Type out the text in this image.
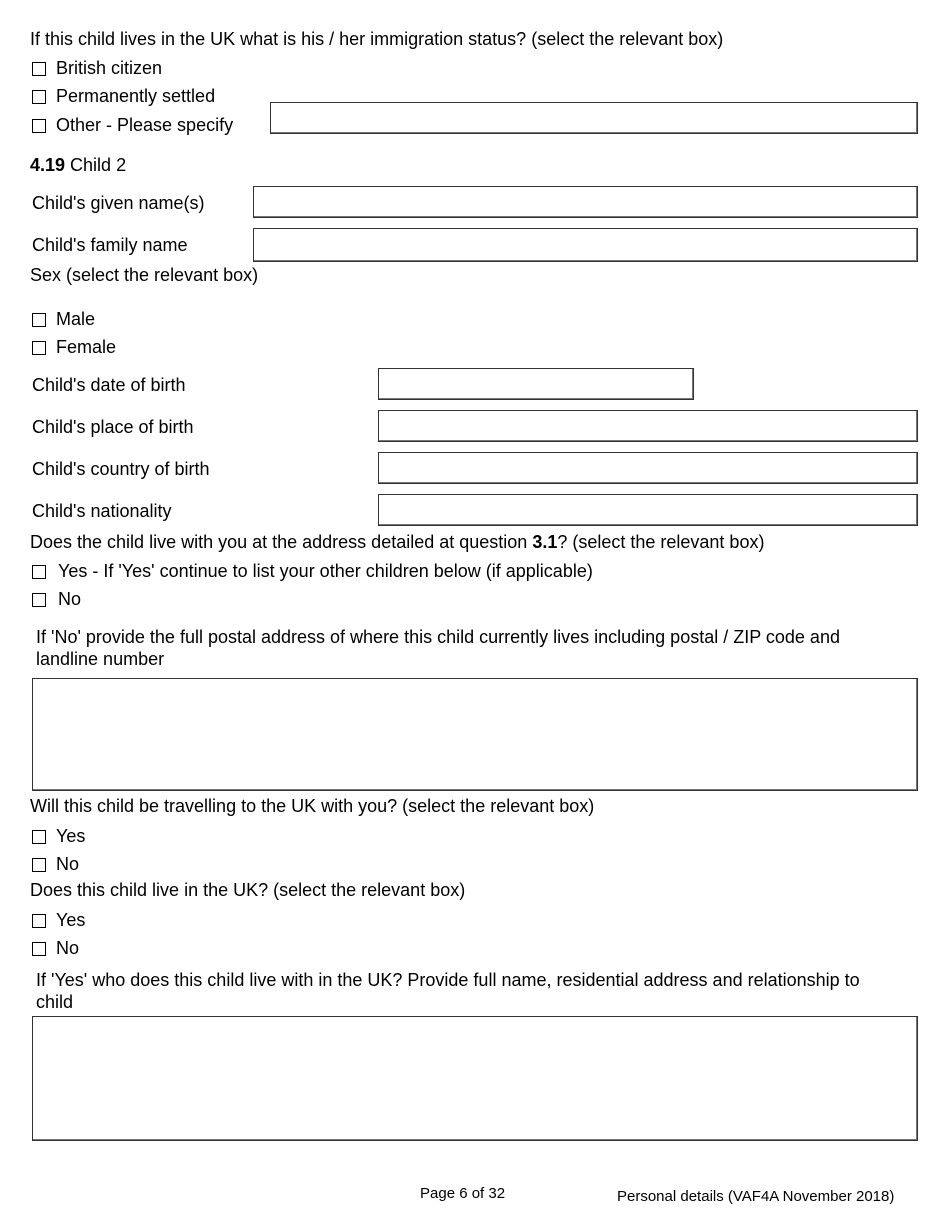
If this child lives in the UK what is his / her immigration status? (select the relevant box)
British citizen
Permanently settled
Other - Please specify
4.19 Child 2
Child's given name(s)
Child's family name
Sex (select the relevant box)
Male
Female
Child's date of birth
Child's place of birth
Child's country of birth
Child's nationality
Does the child live with you at the address detailed at question 3.1? (select the relevant box)
Yes - If 'Yes' continue to list your other children below (if applicable)
No
If 'No' provide the full postal address of where this child currently lives including postal / ZIP code and
landline number
Will this child be travelling to the UK with you? (select the relevant box)
Yes
No
Does this child live in the UK? (select the relevant box)
Yes
No
If 'Yes' who does this child live with in the UK? Provide full name, residential address and relationship to
child
Page 6 of 32	Personal details (VAF4A November 2018)
